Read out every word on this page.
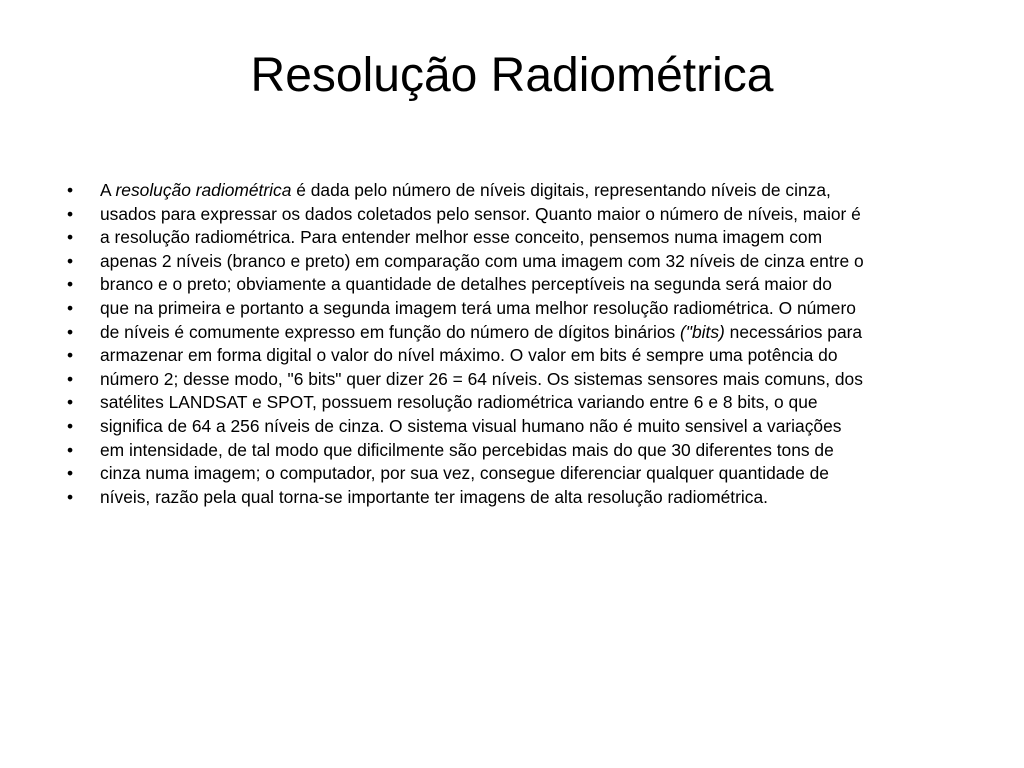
Resolução Radiométrica
• A resolução radiométrica é dada pelo número de níveis digitais, representando níveis de cinza,
• usados para expressar os dados coletados pelo sensor. Quanto maior o número de níveis, maior é
• a resolução radiométrica. Para entender melhor esse conceito, pensemos numa imagem com
• apenas 2 níveis (branco e preto) em comparação com uma imagem com 32 níveis de cinza entre o
• branco e o preto; obviamente a quantidade de detalhes perceptíveis na segunda será maior do
• que na primeira e portanto a segunda imagem terá uma melhor resolução radiométrica. O número
• de níveis é comumente expresso em função do número de dígitos binários ("bits) necessários para
• armazenar em forma digital o valor do nível máximo. O valor em bits é sempre uma potência do
• número 2; desse modo, "6 bits" quer dizer 26 = 64 níveis. Os sistemas sensores mais comuns, dos
• satélites LANDSAT e SPOT, possuem resolução radiométrica variando entre 6 e 8 bits, o que
• significa de 64 a 256 níveis de cinza. O sistema visual humano não é muito sensivel a variações
• em intensidade, de tal modo que dificilmente são percebidas mais do que 30 diferentes tons de
• cinza numa imagem; o computador, por sua vez, consegue diferenciar qualquer quantidade de
• níveis, razão pela qual torna-se importante ter imagens de alta resolução radiométrica.
